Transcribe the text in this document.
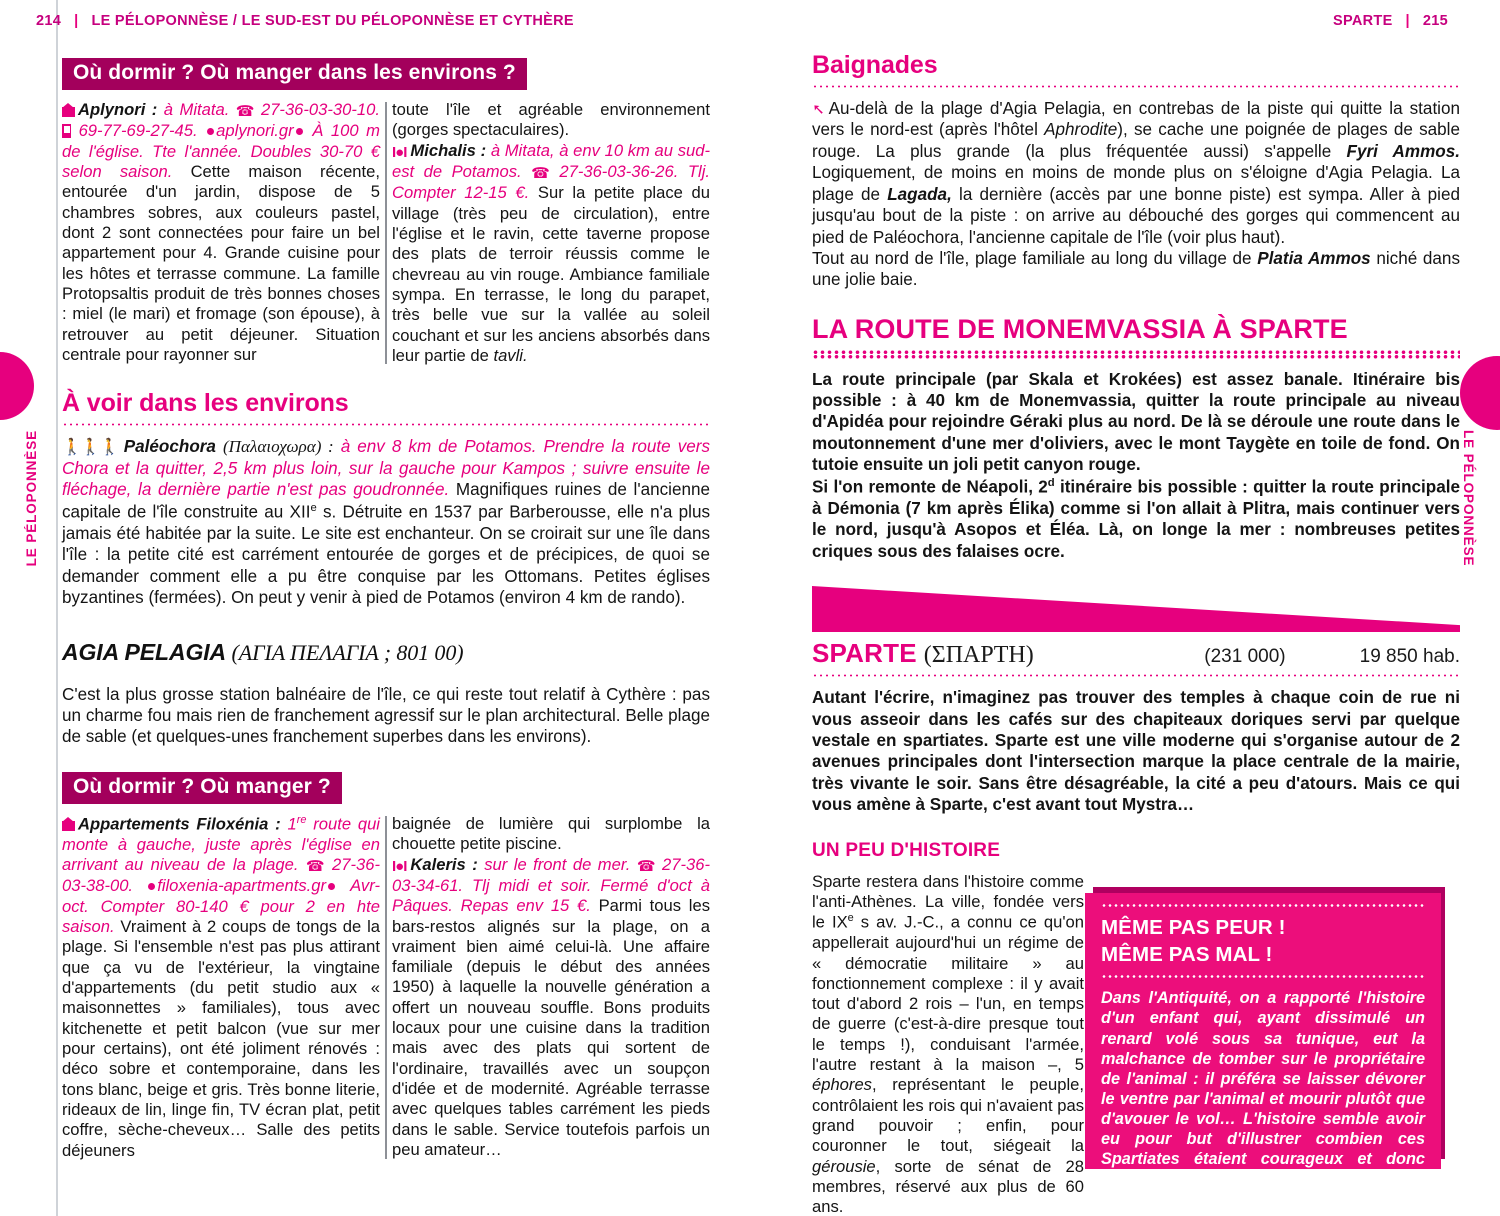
LE PÉLOPONNÈSE	LE PÉLOPONNÈSE
214 | LE PÉLOPONNÈSE / LE SUD-EST DU PÉLOPONNÈSE ET CYTHÈRE
Où dormir ? Où manger dans les environs ?
Aplynori : à Mitata. ☎ 27-36-03-30-10.  69-77-69-27-45. aplynori.gr À 100 m de l'église. Tte l'année. Doubles 30-70 € selon saison. Cette maison récente, entourée d'un jardin, dispose de 5 chambres sobres, aux couleurs pastel, dont 2 sont connectées pour faire un bel appartement pour 4. Grande cuisine pour les hôtes et terrasse commune. La famille Protopsaltis produit de très bonnes choses : miel (le mari) et fromage (son épouse), à retrouver au petit déjeuner. Situation centrale pour rayonner sur
toute l'île et agréable environnement (gorges spectaculaires).
I●I Michalis : à Mitata, à env 10 km au sud-est de Potamos. ☎ 27-36-03-36-26. Tlj. Compter 12-15 €. Sur la petite place du village (très peu de circulation), entre l'église et le ravin, cette taverne propose des plats de terroir réussis comme le chevreau au vin rouge. Ambiance familiale sympa. En terrasse, le long du parapet, très belle vue sur la vallée au soleil couchant et sur les anciens absorbés dans leur partie de tavli.
À voir dans les environs
🚶🚶🚶 Paléochora (Παλαιοχωρα) : à env 8 km de Potamos. Prendre la route vers Chora et la quitter, 2,5 km plus loin, sur la gauche pour Kampos ; suivre ensuite le fléchage, la dernière partie n'est pas goudronnée. Magnifiques ruines de l'ancienne capitale de l'île construite au XIIe s. Détruite en 1537 par Barberousse, elle n'a plus jamais été habitée par la suite. Le site est enchanteur. On se croirait sur une île dans l'île : la petite cité est carrément entourée de gorges et de précipices, de quoi se demander comment elle a pu être conquise par les Ottomans. Petites églises byzantines (fermées). On peut y venir à pied de Potamos (environ 4 km de rando).
AGIA PELAGIA (ΑΓΙΑ ΠΕΛΑΓΙΑ ; 801 00)
C'est la plus grosse station balnéaire de l'île, ce qui reste tout relatif à Cythère : pas un charme fou mais rien de franchement agressif sur le plan architectural. Belle plage de sable (et quelques-unes franchement superbes dans les environs).
Où dormir ? Où manger ?
Appartements Filoxénia : 1re route qui monte à gauche, juste après l'église en arrivant au niveau de la plage. ☎ 27-36-03-38-00. filoxenia-apartments.gr Avr-oct. Compter 80-140 € pour 2 en hte saison. Vraiment à 2 coups de tongs de la plage. Si l'ensemble n'est pas plus attirant que ça vu de l'extérieur, la vingtaine d'appartements (du petit studio aux « maisonnettes » familiales), tous avec kitchenette et petit balcon (vue sur mer pour certains), ont été joliment rénovés : déco sobre et contemporaine, dans les tons blanc, beige et gris. Très bonne literie, rideaux de lin, linge fin, TV écran plat, petit coffre, sèche-cheveux… Salle des petits déjeuners
baignée de lumière qui surplombe la chouette petite piscine.
I●I Kaleris : sur le front de mer. ☎ 27-36-03-34-61. Tlj midi et soir. Fermé d'oct à Pâques. Repas env 15 €. Parmi tous les bars-restos alignés sur la plage, on a vraiment bien aimé celui-là. Une affaire familiale (depuis le début des années 1950) à laquelle la nouvelle génération a offert un nouveau souffle. Bons produits locaux pour une cuisine dans la tradition mais avec des plats qui sortent de l'ordinaire, travaillés avec un soupçon d'idée et de modernité. Agréable terrasse avec quelques tables carrément les pieds dans le sable. Service toutefois parfois un peu amateur…
SPARTE | 215
Baignades
➚ Au-delà de la plage d'Agia Pelagia, en contrebas de la piste qui quitte la station vers le nord-est (après l'hôtel Aphrodite), se cache une poignée de plages de sable rouge. La plus grande (la plus fréquentée aussi) s'appelle Fyri Ammos. Logiquement, de moins en moins de monde plus on s'éloigne d'Agia Pelagia. La plage de Lagada, la dernière (accès par une bonne piste) est sympa. Aller à pied jusqu'au bout de la piste : on arrive au débouché des gorges qui commencent au pied de Paléochora, l'ancienne capitale de l'île (voir plus haut).
Tout au nord de l'île, plage familiale au long du village de Platia Ammos niché dans une jolie baie.
LA ROUTE DE MONEMVASSIA À SPARTE
La route principale (par Skala et Krokées) est assez banale. Itinéraire bis possible : à 40 km de Monemvassia, quitter la route principale au niveau d'Apidéa pour rejoindre Géraki plus au nord. De là se déroule une route dans le moutonnement d'une mer d'oliviers, avec le mont Taygète en toile de fond. On tutoie ensuite un joli petit canyon rouge.
Si l'on remonte de Néapoli, 2$^d$ itinéraire bis possible : quitter la route principale à Démonia (7 km après Élika) comme si l'on allait à Plitra, mais continuer vers le nord, jusqu'à Asopos et Éléa. Là, on longe la mer : nombreuses petites criques sous des falaises ocre.
SPARTE (ΣΠΑΡΤΗ)	(231 000)	19 850 hab.
Autant l'écrire, n'imaginez pas trouver des temples à chaque coin de rue ni vous asseoir dans les cafés sur des chapiteaux doriques servi par quelque vestale en spartiates. Sparte est une ville moderne qui s'organise autour de 2 avenues principales dont l'intersection marque la place centrale de la mairie, très vivante le soir. Sans être désagréable, la cité a peu d'atours. Mais ce qui vous amène à Sparte, c'est avant tout Mystra…
UN PEU D'HISTOIRE
Sparte restera dans l'histoire comme l'anti-Athènes. La ville, fondée vers le IXe s av. J.-C., a connu ce qu'on appellerait aujourd'hui un régime de « démocratie militaire » au fonctionnement complexe : il y avait tout d'abord 2 rois – l'un, en temps de guerre (c'est-à-dire presque tout le temps !), conduisant l'armée, l'autre restant à la maison –, 5 éphores, représentant le peuple, contrôlaient les rois qui n'avaient pas grand pouvoir ; enfin, pour couronner le tout, siégeait la gérousie, sorte de sénat de 28 membres, réservé aux plus de 60 ans.
MÊME PAS PEUR !
MÊME PAS MAL !
Dans l'Antiquité, on a rapporté l'histoire d'un enfant qui, ayant dissimulé un renard volé sous sa tunique, eut la malchance de tomber sur le propriétaire de l'animal : il préféra se laisser dévorer le ventre par l'animal et mourir plutôt que d'avouer le vol… L'histoire semble avoir eu pour but d'illustrer combien ces Spartiates étaient courageux et donc dangereux pour la démocratie athénienne.
